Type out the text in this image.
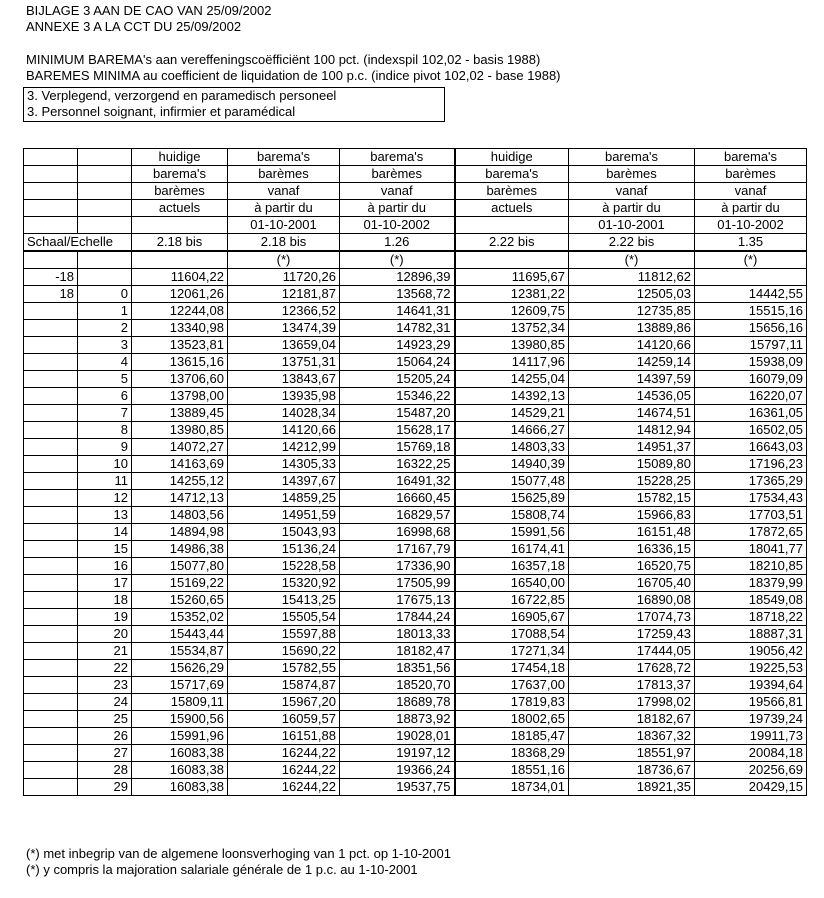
BIJLAGE 3 AAN DE CAO VAN 25/09/2002
ANNEXE 3 A LA CCT DU 25/09/2002
MINIMUM BAREMA's aan vereffeningscoëfficiënt 100 pct. (indexspil 102,02 - basis 1988)
BAREMES MINIMA au coefficient de liquidation de 100 p.c. (indice pivot 102,02 - base 1988)
3. Verplegend, verzorgend en paramedisch personeel
3. Personnel soignant, infirmier et paramédical
		huidige	barema's	barema's	huidige	barema's	barema's
		barema's	barèmes	barèmes	barema's	barèmes	barèmes
		barèmes	vanaf	vanaf	barèmes	vanaf	vanaf
		actuels	à partir du	à partir du	actuels	à partir du	à partir du
			01-10-2001	01-10-2002		01-10-2001	01-10-2002
Schaal/Echelle		2.18 bis	2.18 bis	1.26	2.22 bis	2.22 bis	1.35
			(*)	(*)		(*)	(*)
-18		11604,22	11720,26	12896,39	11695,67	11812,62	
18	0	12061,26	12181,87	13568,72	12381,22	12505,03	14442,55
	1	12244,08	12366,52	14641,31	12609,75	12735,85	15515,16
	2	13340,98	13474,39	14782,31	13752,34	13889,86	15656,16
	3	13523,81	13659,04	14923,29	13980,85	14120,66	15797,11
	4	13615,16	13751,31	15064,24	14117,96	14259,14	15938,09
	5	13706,60	13843,67	15205,24	14255,04	14397,59	16079,09
	6	13798,00	13935,98	15346,22	14392,13	14536,05	16220,07
	7	13889,45	14028,34	15487,20	14529,21	14674,51	16361,05
	8	13980,85	14120,66	15628,17	14666,27	14812,94	16502,05
	9	14072,27	14212,99	15769,18	14803,33	14951,37	16643,03
	10	14163,69	14305,33	16322,25	14940,39	15089,80	17196,23
	11	14255,12	14397,67	16491,32	15077,48	15228,25	17365,29
	12	14712,13	14859,25	16660,45	15625,89	15782,15	17534,43
	13	14803,56	14951,59	16829,57	15808,74	15966,83	17703,51
	14	14894,98	15043,93	16998,68	15991,56	16151,48	17872,65
	15	14986,38	15136,24	17167,79	16174,41	16336,15	18041,77
	16	15077,80	15228,58	17336,90	16357,18	16520,75	18210,85
	17	15169,22	15320,92	17505,99	16540,00	16705,40	18379,99
	18	15260,65	15413,25	17675,13	16722,85	16890,08	18549,08
	19	15352,02	15505,54	17844,24	16905,67	17074,73	18718,22
	20	15443,44	15597,88	18013,33	17088,54	17259,43	18887,31
	21	15534,87	15690,22	18182,47	17271,34	17444,05	19056,42
	22	15626,29	15782,55	18351,56	17454,18	17628,72	19225,53
	23	15717,69	15874,87	18520,70	17637,00	17813,37	19394,64
	24	15809,11	15967,20	18689,78	17819,83	17998,02	19566,81
	25	15900,56	16059,57	18873,92	18002,65	18182,67	19739,24
	26	15991,96	16151,88	19028,01	18185,47	18367,32	19911,73
	27	16083,38	16244,22	19197,12	18368,29	18551,97	20084,18
	28	16083,38	16244,22	19366,24	18551,16	18736,67	20256,69
	29	16083,38	16244,22	19537,75	18734,01	18921,35	20429,15
(*) met inbegrip van de algemene loonsverhoging van 1 pct. op 1-10-2001
(*) y compris la majoration salariale générale de 1 p.c. au 1-10-2001
